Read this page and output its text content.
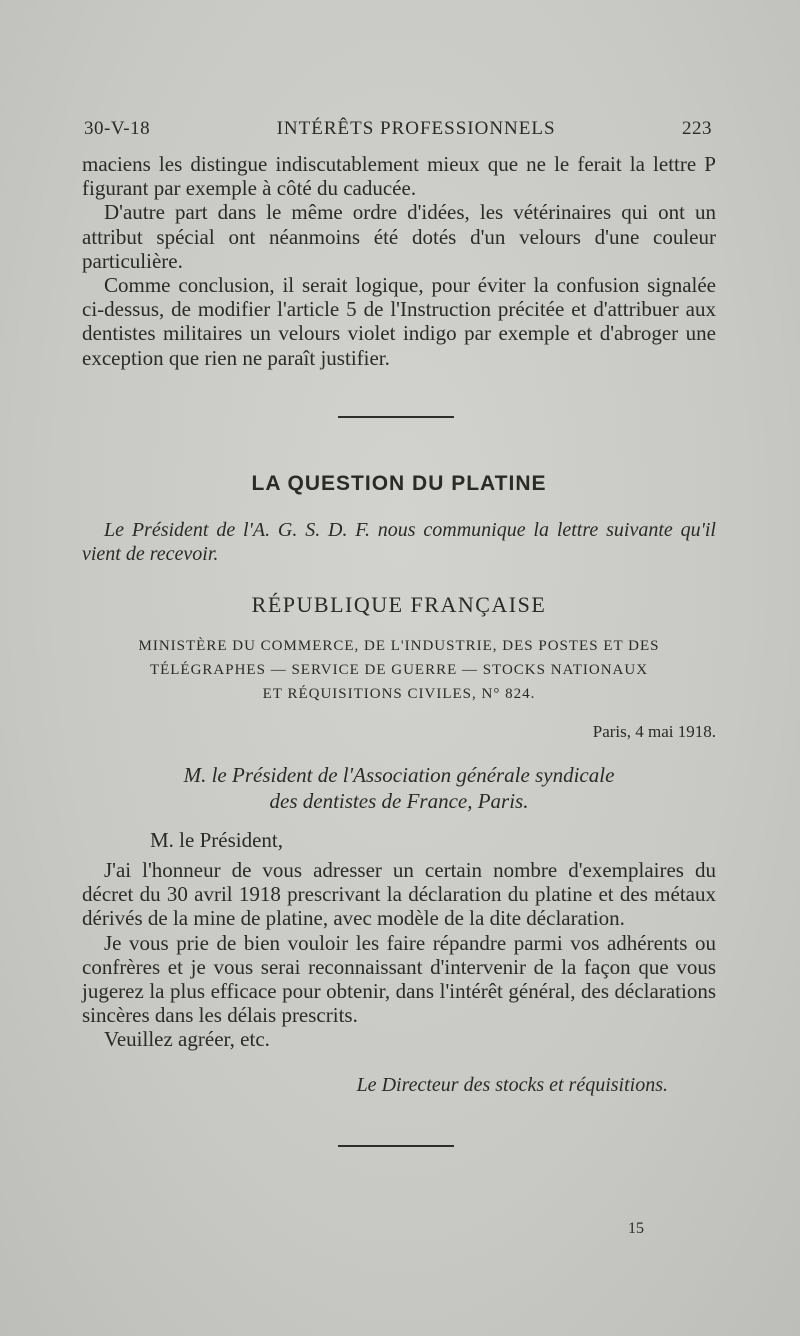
30-V-18	INTÉRÊTS PROFESSIONNELS	223

maciens les distingue indiscutablement mieux que ne le ferait la lettre P figurant par exemple à côté du caducée.

D'autre part dans le même ordre d'idées, les vétérinaires qui ont un attribut spécial ont néanmoins été dotés d'un velours d'une couleur particulière.

Comme conclusion, il serait logique, pour éviter la confusion signalée ci-dessus, de modifier l'article 5 de l'Instruction précitée et d'attribuer aux dentistes militaires un velours violet indigo par exemple et d'abroger une exception que rien ne paraît justifier.

LA QUESTION DU PLATINE
Le Président de l'A. G. S. D. F. nous communique la lettre suivante qu'il vient de recevoir.
RÉPUBLIQUE FRANÇAISE
MINISTÈRE DU COMMERCE, DE L'INDUSTRIE, DES POSTES ET DES
TÉLÉGRAPHES — SERVICE DE GUERRE — STOCKS NATIONAUX
ET RÉQUISITIONS CIVILES, N° 824.
Paris, 4 mai 1918.
M. le Président de l'Association générale syndicale
des dentistes de France, Paris.
M. le Président,

J'ai l'honneur de vous adresser un certain nombre d'exemplaires du décret du 30 avril 1918 prescrivant la déclaration du platine et des métaux dérivés de la mine de platine, avec modèle de la dite déclaration.

Je vous prie de bien vouloir les faire répandre parmi vos adhérents ou confrères et je vous serai reconnaissant d'intervenir de la façon que vous jugerez la plus efficace pour obtenir, dans l'intérêt général, des déclarations sincères dans les délais prescrits.

Veuillez agréer, etc.

Le Directeur des stocks et réquisitions.
15
